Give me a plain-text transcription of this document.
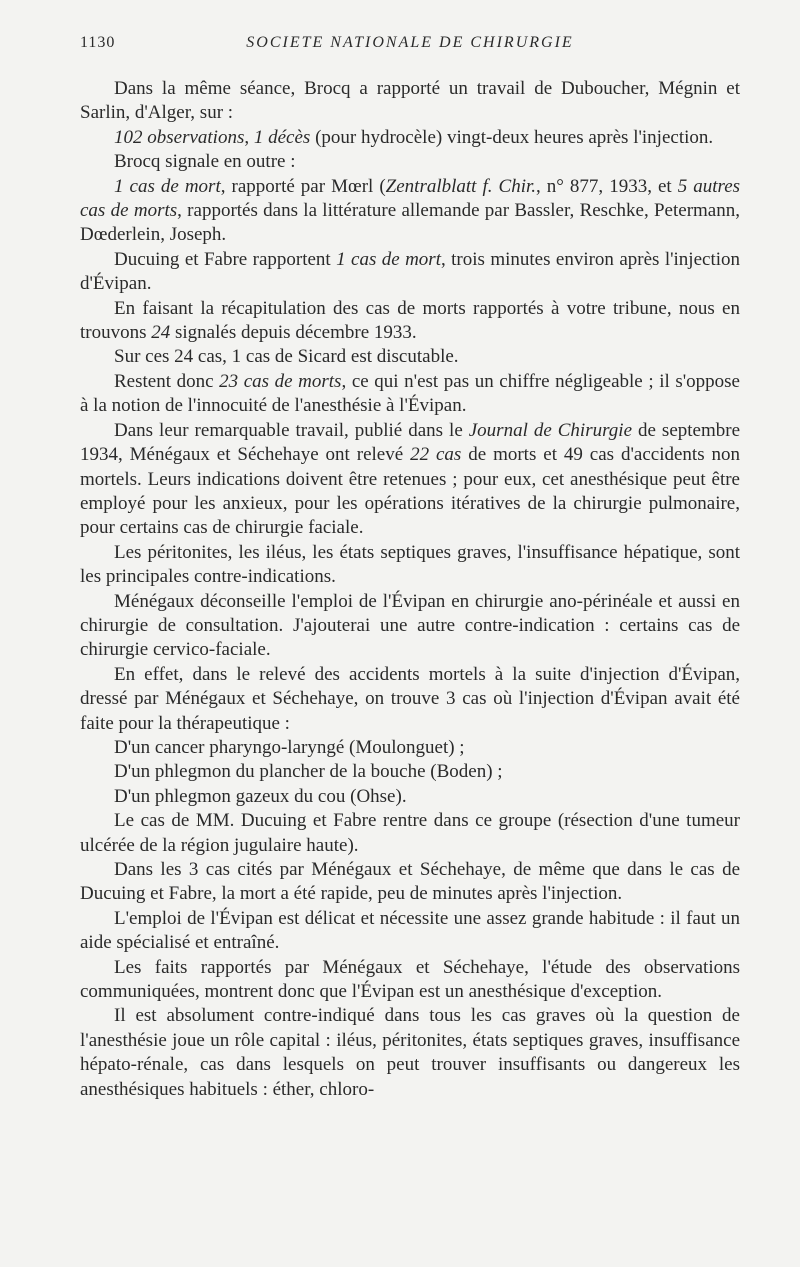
1130	SOCIETE NATIONALE DE CHIRURGIE

Dans la même séance, Brocq a rapporté un travail de Duboucher, Mégnin et Sarlin, d'Alger, sur :

102 observations, 1 décès (pour hydrocèle) vingt-deux heures après l'injection.

Brocq signale en outre :

1 cas de mort, rapporté par Mœrl (Zentralblatt f. Chir., n° 877, 1933, et 5 autres cas de morts, rapportés dans la littérature allemande par Bassler, Reschke, Petermann, Dœderlein, Joseph.

Ducuing et Fabre rapportent 1 cas de mort, trois minutes environ après l'injection d'Évipan.

En faisant la récapitulation des cas de morts rapportés à votre tribune, nous en trouvons 24 signalés depuis décembre 1933.

Sur ces 24 cas, 1 cas de Sicard est discutable.

Restent donc 23 cas de morts, ce qui n'est pas un chiffre négligeable ; il s'oppose à la notion de l'innocuité de l'anesthésie à l'Évipan.

Dans leur remarquable travail, publié dans le Journal de Chirurgie de septembre 1934, Ménégaux et Séchehaye ont relevé 22 cas de morts et 49 cas d'accidents non mortels. Leurs indications doivent être retenues ; pour eux, cet anesthésique peut être employé pour les anxieux, pour les opérations itératives de la chirurgie pulmonaire, pour certains cas de chirurgie faciale.

Les péritonites, les iléus, les états septiques graves, l'insuffisance hépatique, sont les principales contre-indications.

Ménégaux déconseille l'emploi de l'Évipan en chirurgie ano-périnéale et aussi en chirurgie de consultation. J'ajouterai une autre contre-indication : certains cas de chirurgie cervico-faciale.

En effet, dans le relevé des accidents mortels à la suite d'injection d'Évipan, dressé par Ménégaux et Séchehaye, on trouve 3 cas où l'injection d'Évipan avait été faite pour la thérapeutique :

D'un cancer pharyngo-laryngé (Moulonguet) ;

D'un phlegmon du plancher de la bouche (Boden) ;

D'un phlegmon gazeux du cou (Ohse).

Le cas de MM. Ducuing et Fabre rentre dans ce groupe (résection d'une tumeur ulcérée de la région jugulaire haute).

Dans les 3 cas cités par Ménégaux et Séchehaye, de même que dans le cas de Ducuing et Fabre, la mort a été rapide, peu de minutes après l'injection.

L'emploi de l'Évipan est délicat et nécessite une assez grande habitude : il faut un aide spécialisé et entraîné.

Les faits rapportés par Ménégaux et Séchehaye, l'étude des observations communiquées, montrent donc que l'Évipan est un anesthésique d'exception.

Il est absolument contre-indiqué dans tous les cas graves où la question de l'anesthésie joue un rôle capital : iléus, péritonites, états septiques graves, insuffisance hépato-rénale, cas dans lesquels on peut trouver insuffisants ou dangereux les anesthésiques habituels : éther, chloro-
